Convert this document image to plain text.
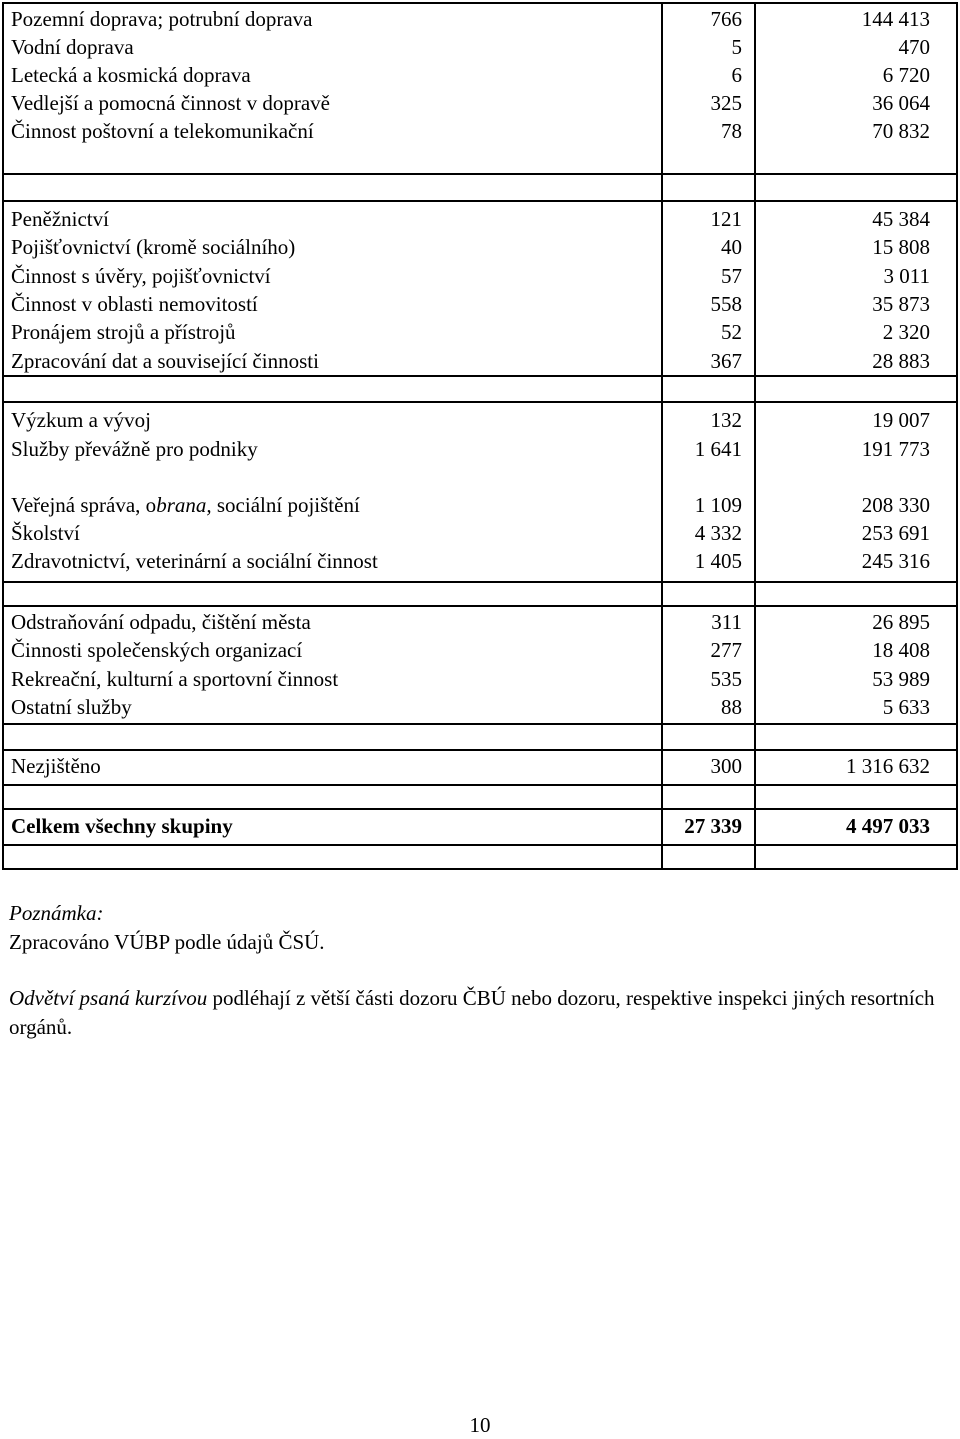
Pozemní doprava; potrubní doprava	766	144 413
Vodní doprava	5	470
Letecká a kosmická doprava	6	6 720
Vedlejší a pomocná činnost v dopravě	325	36 064
Činnost poštovní a telekomunikační	78	70 832
Peněžnictví	121	45 384
Pojišťovnictví (kromě sociálního)	40	15 808
Činnost s úvěry, pojišťovnictví	57	3 011
Činnost v oblasti nemovitostí	558	35 873
Pronájem strojů a přístrojů	52	2 320
Zpracování dat a související činnosti	367	28 883
Výzkum a vývoj	132	19 007
Služby převážně pro podniky	1 641	191 773
Veřejná správa, obrana, sociální pojištění	1 109	208 330
Školství	4 332	253 691
Zdravotnictví, veterinární a sociální činnost	1 405	245 316
Odstraňování odpadu, čištění města	311	26 895
Činnosti společenských organizací	277	18 408
Rekreační, kulturní a sportovní činnost	535	53 989
Ostatní služby	88	5 633
Nezjištěno	300	1 316 632
Celkem všechny skupiny	27 339	4 497 033
Poznámka:
Zpracováno VÚBP podle údajů ČSÚ.
Odvětví psaná kurzívou podléhají z větší části dozoru ČBÚ nebo dozoru, respektive inspekci jiných resortních orgánů.
10
